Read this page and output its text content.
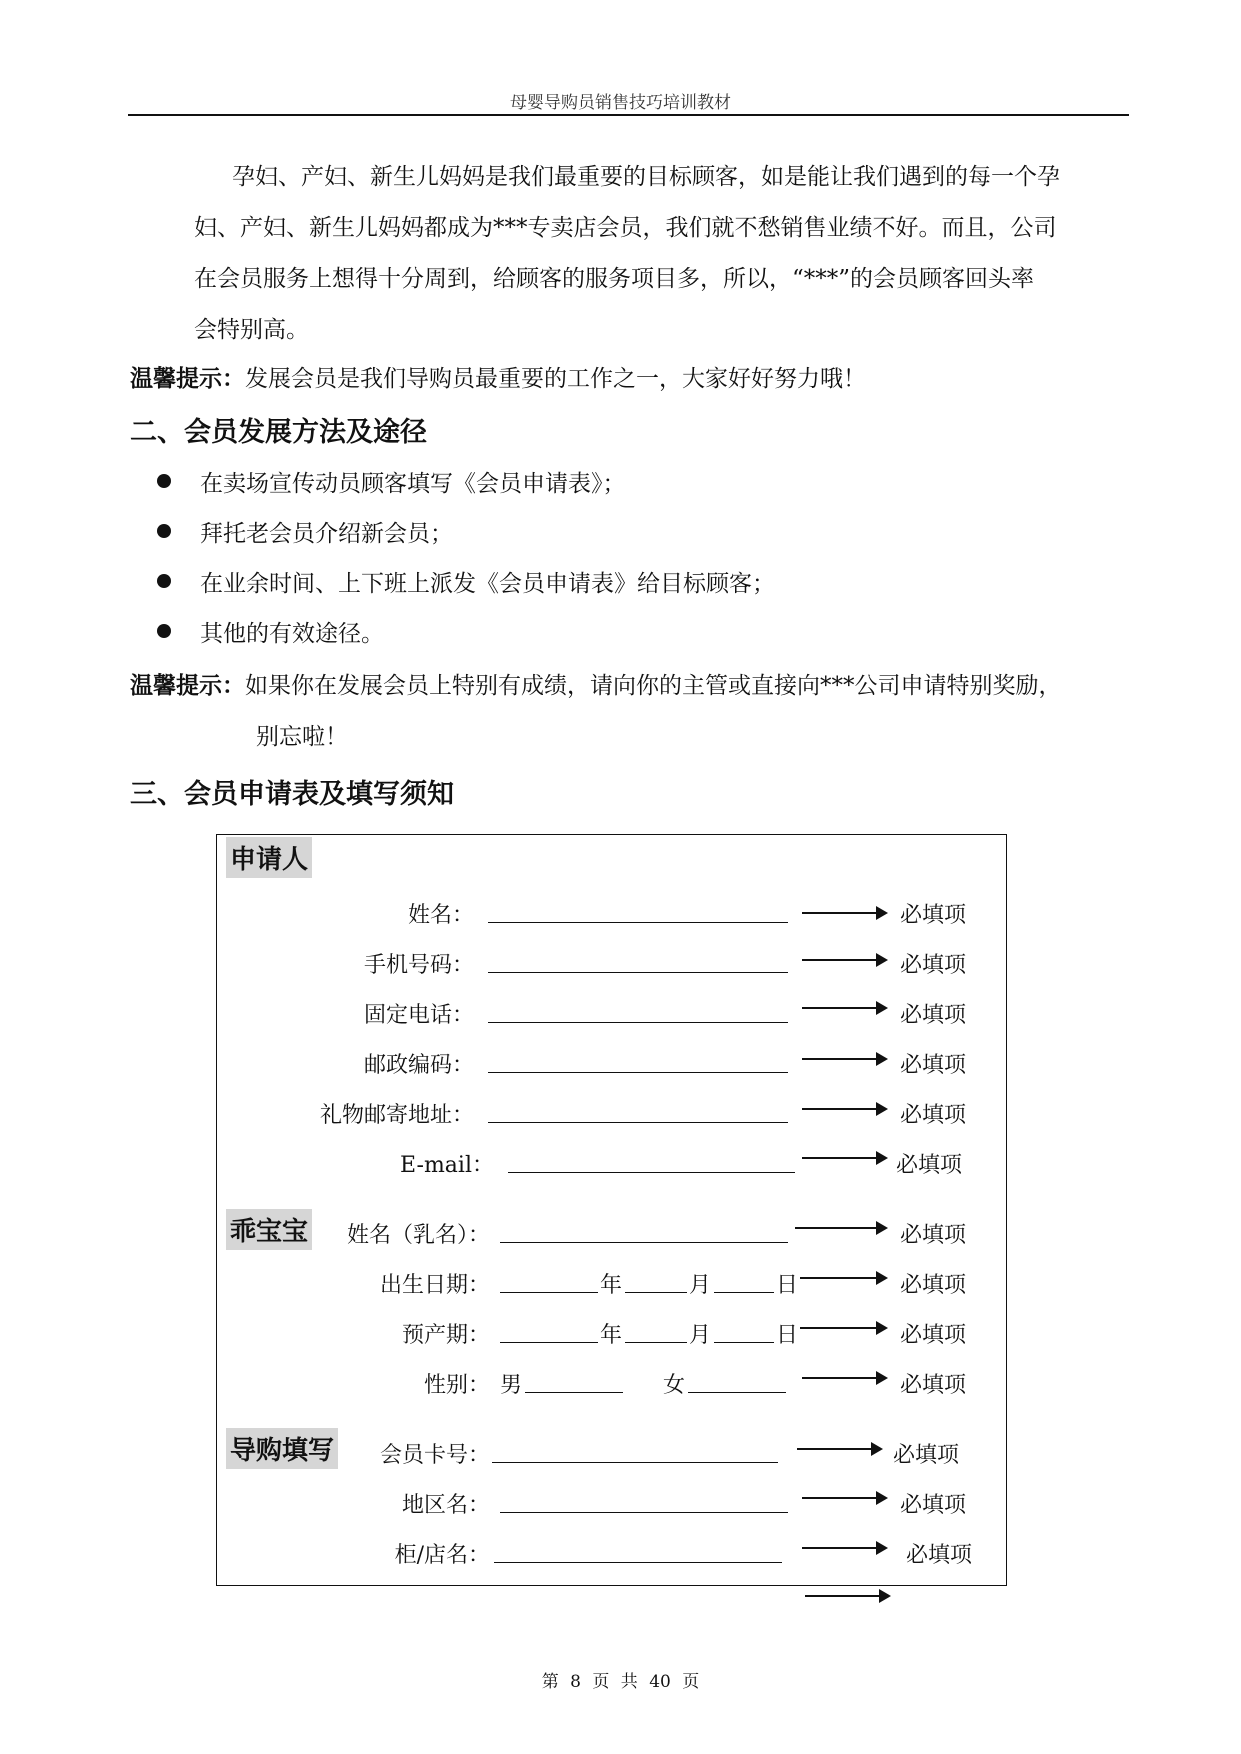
母婴导购员销售技巧培训教材
孕妇、产妇、新生儿妈妈是我们最重要的目标顾客，如是能让我们遇到的每一个孕
妇、产妇、新生儿妈妈都成为***专卖店会员，我们就不愁销售业绩不好。而且，公司
在会员服务上想得十分周到，给顾客的服务项目多，所以，“***”的会员顾客回头率
会特别高。
温馨提示：发展会员是我们导购员最重要的工作之一，大家好好努力哦！
二、会员发展方法及途径
在卖场宣传动员顾客填写《会员申请表》；
拜托老会员介绍新会员；
在业余时间、上下班上派发《会员申请表》给目标顾客；
其他的有效途径。
温馨提示：如果你在发展会员上特别有成绩，请向你的主管或直接向***公司申请特别奖励，
别忘啦！
三、会员申请表及填写须知
申请人
姓名：	必填项
手机号码：	必填项
固定电话：	必填项
邮政编码：	必填项
礼物邮寄地址：	必填项
E-mail：	必填项
乖宝宝	姓名（乳名）：	必填项
出生日期：	年	月	日	必填项
预产期：	年	月	日	必填项
性别： 男	女	必填项
导购填写	会员卡号：	必填项
地区名：	必填项
柜/店名：	必填项
第 8 页 共 40 页
